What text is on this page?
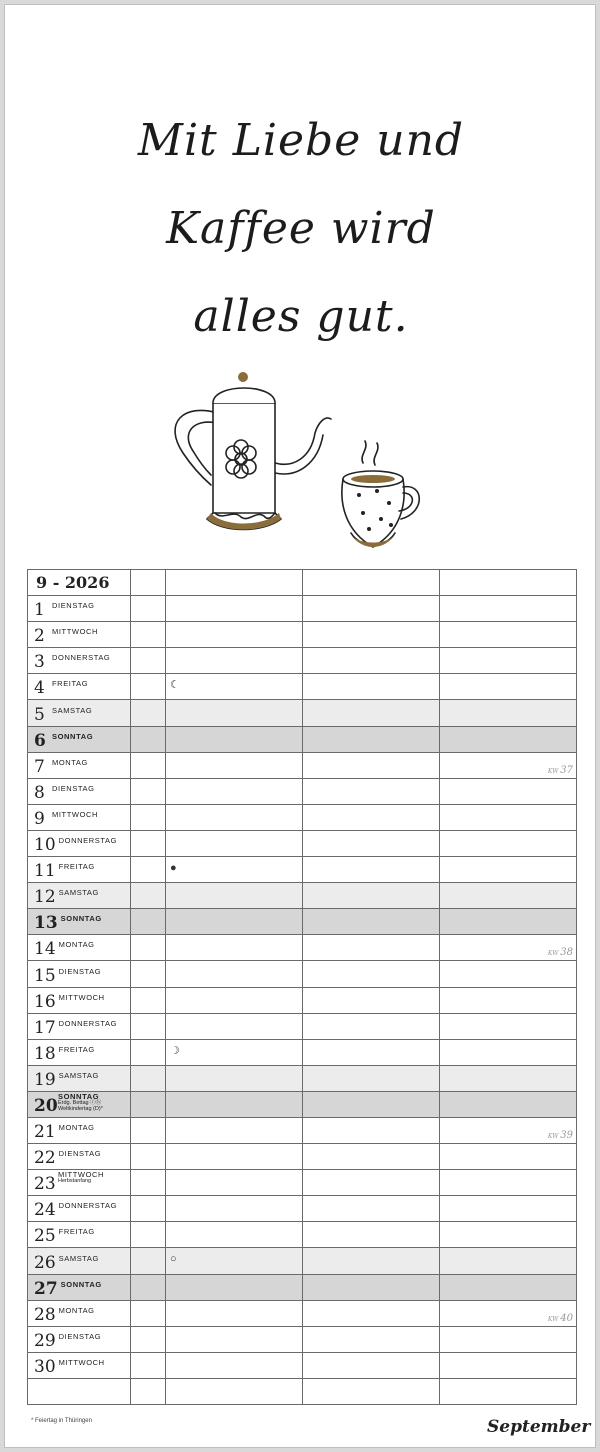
Mit Liebe und
Kaffee wird
alles gut.
9 - 2026				

1 DIENSTAG				
2 MITTWOCH				
3 DONNERSTAG				
4 FREITAG		☾		

5 SAMSTAG				
6 SONNTAG				
7 MONTAG				KW 37

8 DIENSTAG				
9 MITTWOCH				
10 DONNERSTAG				
11 FREITAG		●		

12 SAMSTAG				
13 SONNTAG				
14 MONTAG				KW 38

15 DIENSTAG				
16 MITTWOCH				
17 DONNERSTAG				
18 FREITAG		☽		

19 SAMSTAG				
20 SONNTAG
Erdg. Bettag ⓒⓗ
Weltkindertag (D)*				

21 MONTAG				KW 39

22 DIENSTAG				
23 MITTWOCH
Herbstanfang				

24 DONNERSTAG				
25 FREITAG				
26 SAMSTAG		○		

27 SONNTAG				
28 MONTAG				KW 40

29 DIENSTAG				
30 MITTWOCH				

* Feiertag in Thüringen	September
